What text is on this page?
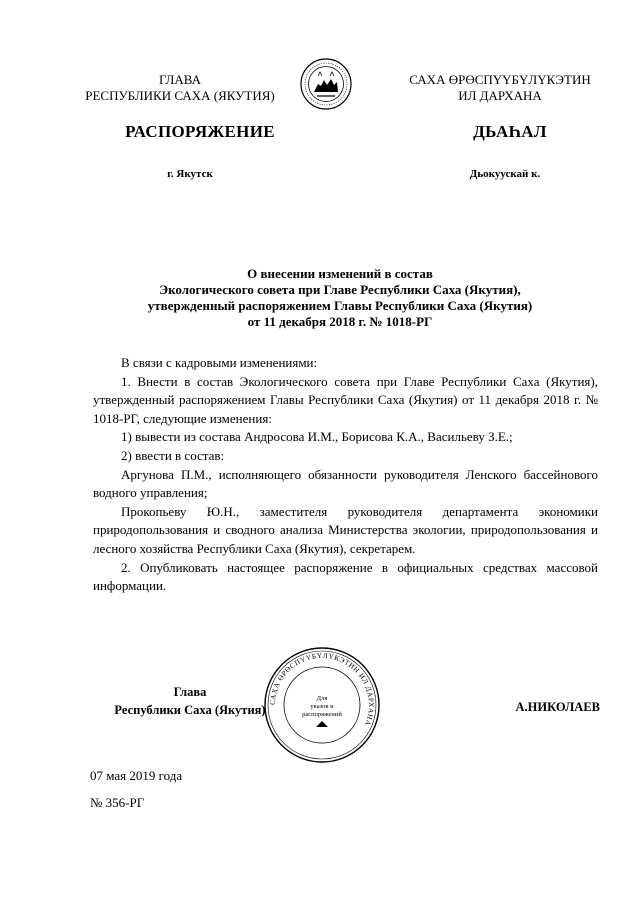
ГЛАВА
РЕСПУБЛИКИ САХА (ЯКУТИЯ)
САХА ӨРӨСПҮҮБҮЛҮКЭТИН
ИЛ ДАРХАНА
РАСПОРЯЖЕНИЕ	ДЬАҺАЛ
г. Якутск	Дьокуускай к.
О внесении изменений в состав
Экологического совета при Главе Республики Саха (Якутия),
утвержденный распоряжением Главы Республики Саха (Якутия)
от 11 декабря 2018 г. № 1018-РГ

В связи с кадровыми изменениями:

1. Внести в состав Экологического совета при Главе Республики Саха (Якутия), утвержденный распоряжением Главы Республики Саха (Якутия) от 11 декабря 2018 г. № 1018-РГ, следующие изменения:

1) вывести из состава Андросова И.М., Борисова К.А., Васильеву З.Е.;

2) ввести в состав:

Аргунова П.М., исполняющего обязанности руководителя Ленского бассейнового водного управления;

Прокопьеву Ю.Н., заместителя руководителя департамента экономики природопользования и сводного анализа Министерства экологии, природопользования и лесного хозяйства Республики Саха (Якутия), секретарем.

2. Опубликовать настоящее распоряжение в официальных средствах массовой информации.

Глава
Республики Саха (Якутия)
САХА ӨРӨСПҮҮБҮЛҮКЭТИН ИЛ ДАРХАНА
Для
указов и
распоряжений
А.НИКОЛАЕВ
07 мая 2019 года
№ 356-РГ
